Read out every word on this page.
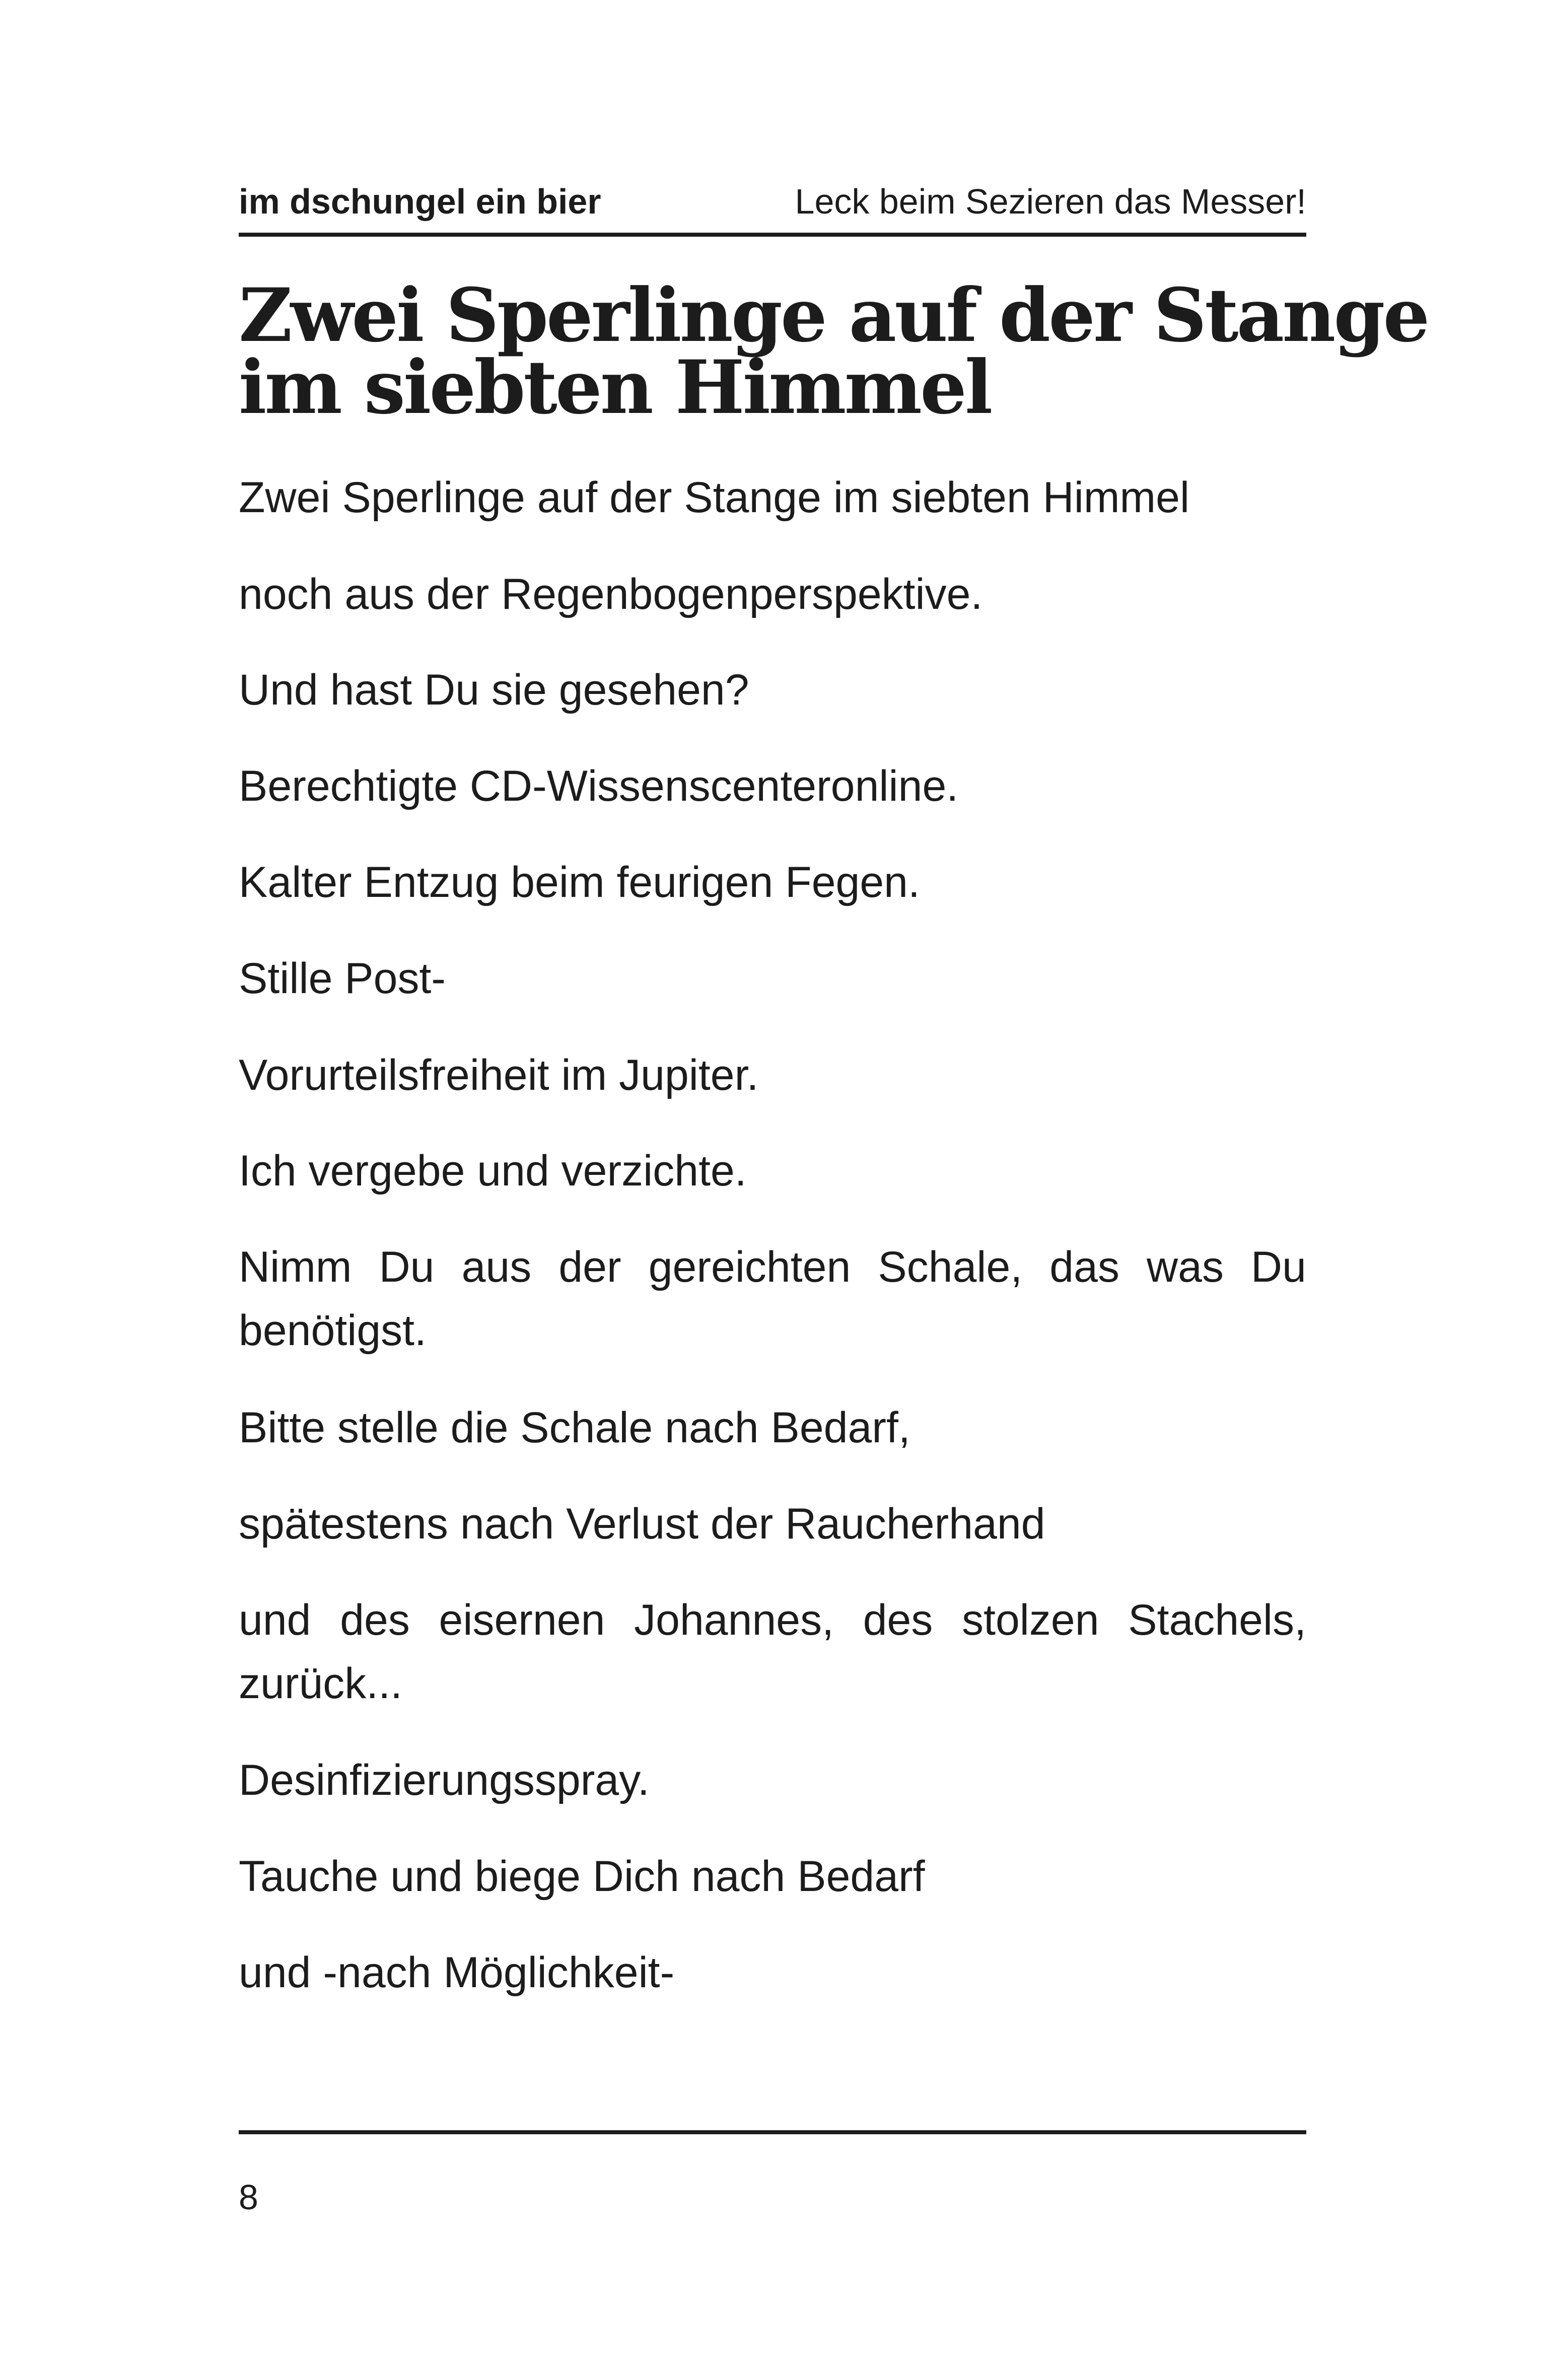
im dschungel ein bier	Leck beim Sezieren das Messer!
Zwei Sperlinge auf der Stange
im siebten Himmel

Zwei Sperlinge auf der Stange im siebten Himmel

noch aus der Regenbogenperspektive.

Und hast Du sie gesehen?

Berechtigte CD-Wissenscenteronline.

Kalter Entzug beim feurigen Fegen.

Stille Post-

Vorurteilsfreiheit im Jupiter.

Ich vergebe und verzichte.

Nimm Du aus der gereichten Schale, das was Du benötigst.

Bitte stelle die Schale nach Bedarf,

spätestens nach Verlust der Raucherhand

und des eisernen Johannes, des stolzen Stachels, zurück...

Desinfizierungsspray.

Tauche und biege Dich nach Bedarf

und -nach Möglichkeit-

8
